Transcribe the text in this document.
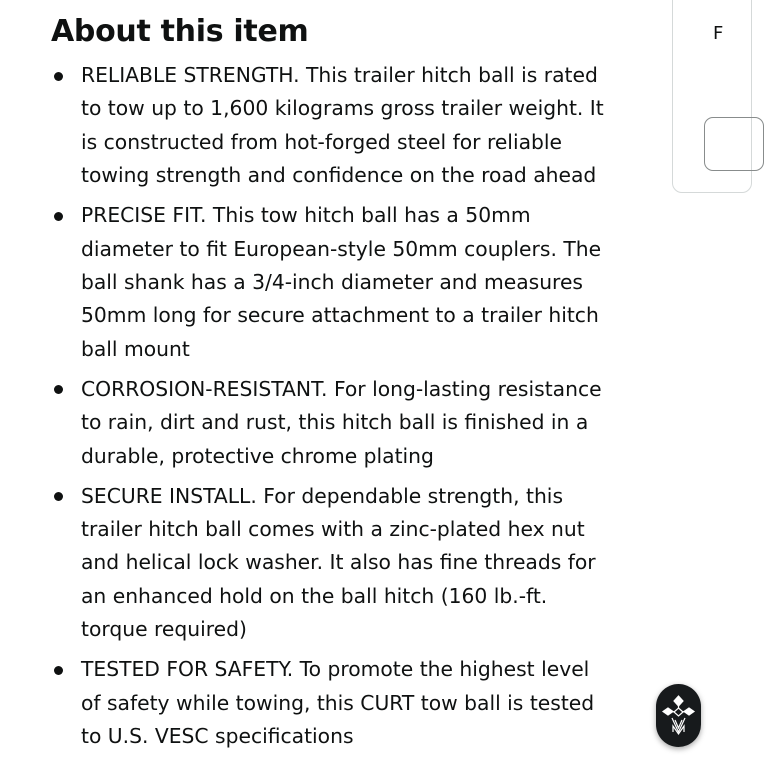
About this item
RELIABLE STRENGTH. This trailer hitch ball is rated
to tow up to 1,600 kilograms gross trailer weight. It
is constructed from hot-forged steel for reliable
towing strength and confidence on the road ahead
PRECISE FIT. This tow hitch ball has a 50mm
diameter to fit European-style 50mm couplers. The
ball shank has a 3/4-inch diameter and measures
50mm long for secure attachment to a trailer hitch
ball mount
CORROSION-RESISTANT. For long-lasting resistance
to rain, dirt and rust, this hitch ball is finished in a
durable, protective chrome plating
SECURE INSTALL. For dependable strength, this
trailer hitch ball comes with a zinc-plated hex nut
and helical lock washer. It also has fine threads for
an enhanced hold on the ball hitch (160 lb.-ft.
torque required)
TESTED FOR SAFETY. To promote the highest level
of safety while towing, this CURT tow ball is tested
to U.S. VESC specifications
F
